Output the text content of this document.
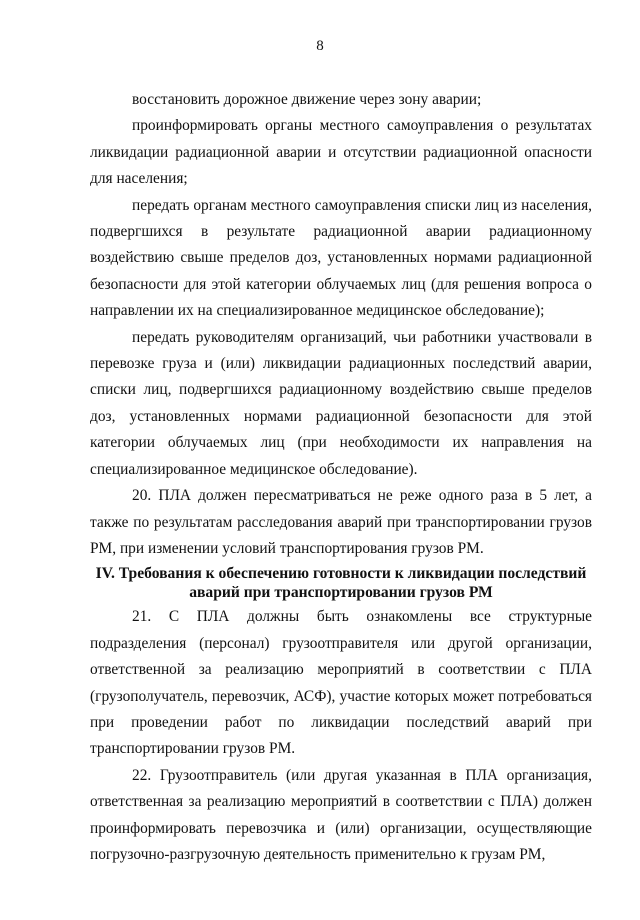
8

восстановить дорожное движение через зону аварии;

проинформировать органы местного самоуправления о результатах ликвидации радиационной аварии и отсутствии радиационной опасности для населения;

передать органам местного самоуправления списки лиц из населения, подвергшихся в результате радиационной аварии радиационному воздействию свыше пределов доз, установленных нормами радиационной безопасности для этой категории облучаемых лиц (для решения вопроса о направлении их на специализированное медицинское обследование);

передать руководителям организаций, чьи работники участвовали в перевозке груза и (или) ликвидации радиационных последствий аварии, списки лиц, подвергшихся радиационному воздействию свыше пределов доз, установленных нормами радиационной безопасности для этой категории облучаемых лиц (при необходимости их направления на специализированное медицинское обследование).

20. ПЛА должен пересматриваться не реже одного раза в 5 лет, а также по результатам расследования аварий при транспортировании грузов РМ, при изменении условий транспортирования грузов РМ.

IV. Требования к обеспечению готовности к ликвидации последствий
аварий при транспортировании грузов РМ

21. С ПЛА должны быть ознакомлены все структурные подразделения (персонал) грузоотправителя или другой организации, ответственной за реализацию мероприятий в соответствии с ПЛА (грузополучатель, перевозчик, АСФ), участие которых может потребоваться при проведении работ по ликвидации последствий аварий при транспортировании грузов РМ.

22. Грузоотправитель (или другая указанная в ПЛА организация, ответственная за реализацию мероприятий в соответствии с ПЛА) должен проинформировать перевозчика и (или) организации, осуществляющие погрузочно-разгрузочную деятельность применительно к грузам РМ,
